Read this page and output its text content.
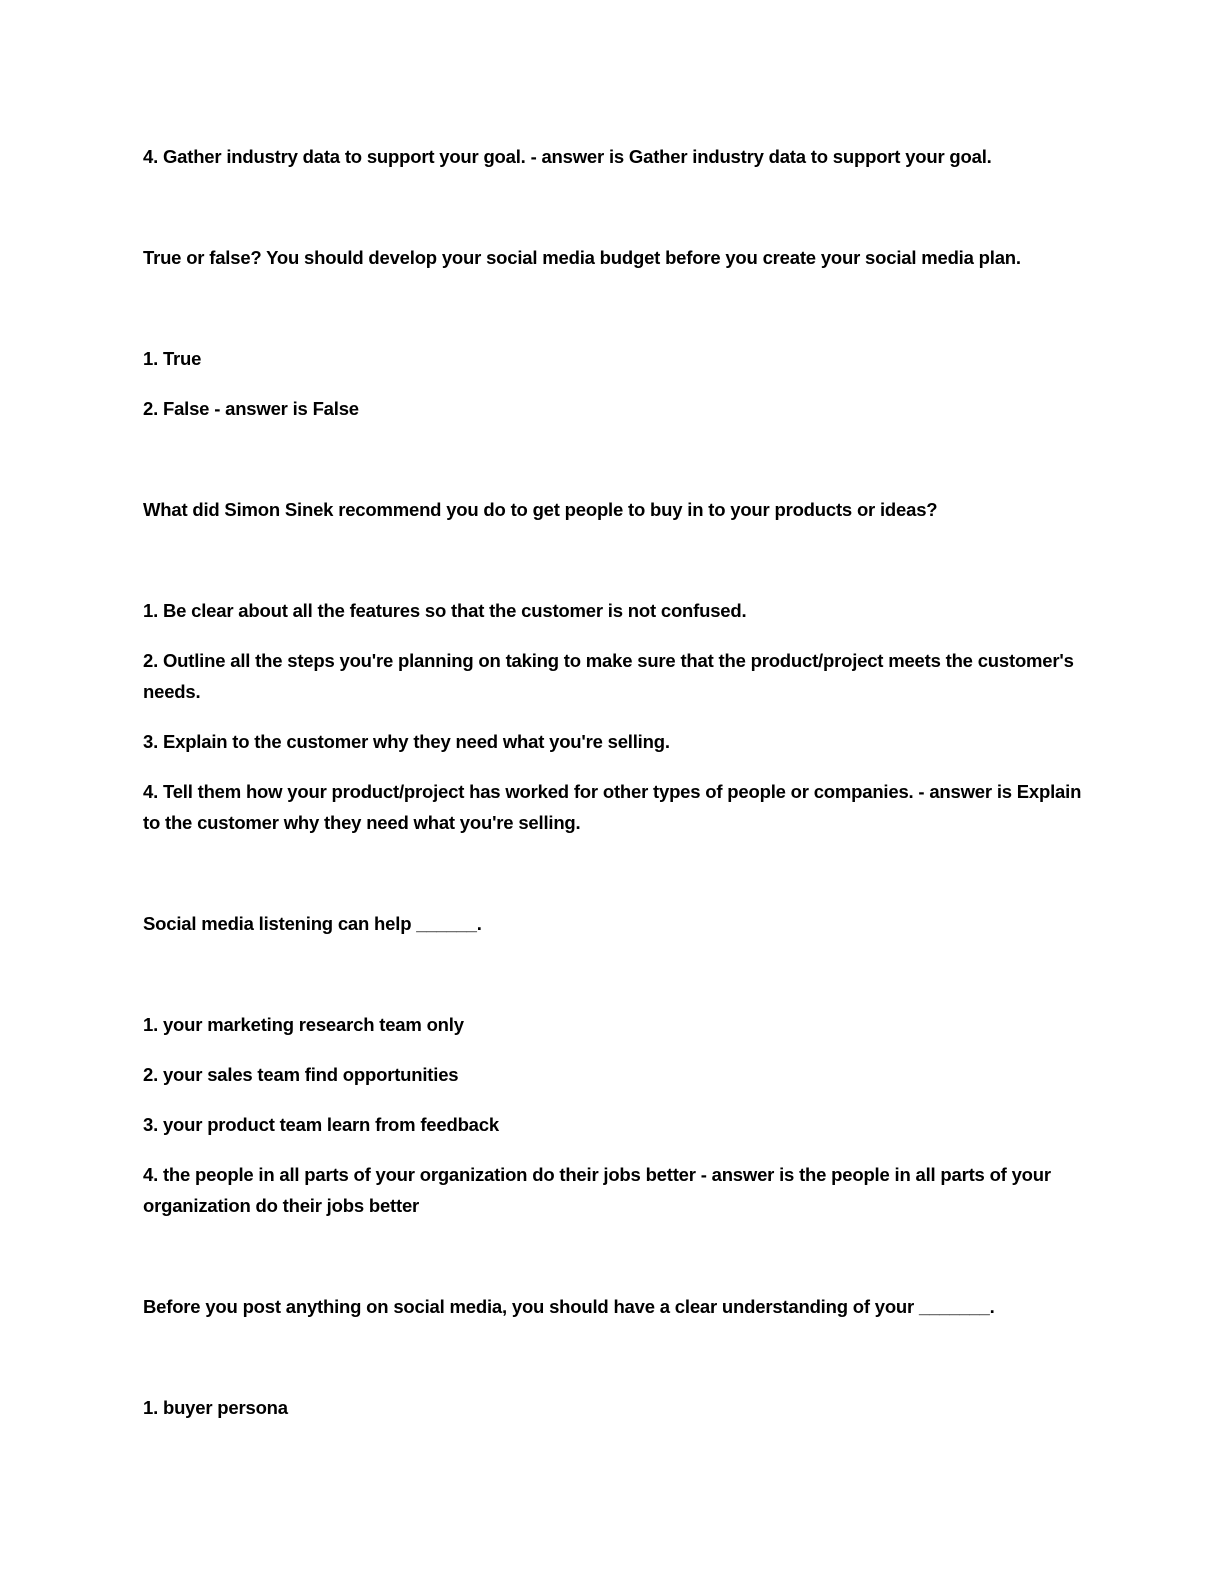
4. Gather industry data to support your goal. - answer is Gather industry data to support your goal.

True or false? You should develop your social media budget before you create your social media plan.

1. True

2. False - answer is False

What did Simon Sinek recommend you do to get people to buy in to your products or ideas?

1. Be clear about all the features so that the customer is not confused.

2. Outline all the steps you're planning on taking to make sure that the product/project meets the customer's needs.

3. Explain to the customer why they need what you're selling.

4. Tell them how your product/project has worked for other types of people or companies. - answer is Explain to the customer why they need what you're selling.

Social media listening can help ______.

1. your marketing research team only

2. your sales team find opportunities

3. your product team learn from feedback

4. the people in all parts of your organization do their jobs better - answer is the people in all parts of your organization do their jobs better

Before you post anything on social media, you should have a clear understanding of your _______.

1. buyer persona
